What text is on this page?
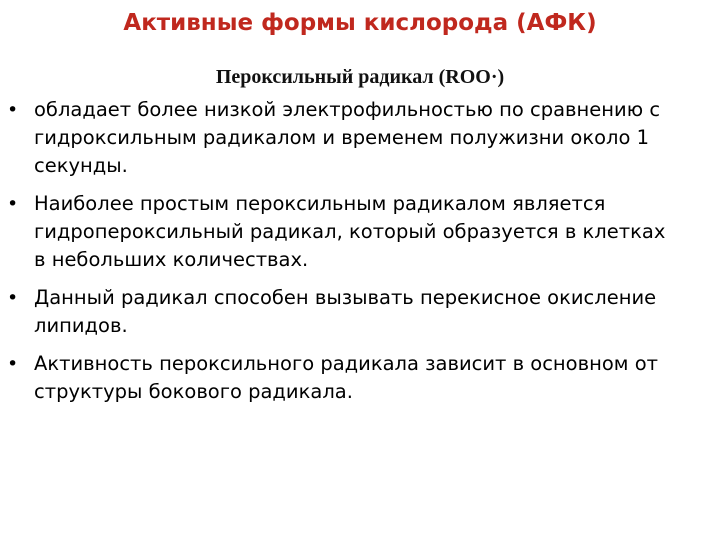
Активные формы кислорода (АФК)
Пероксильный радикал (ROO·)
• обладает более низкой электрофильностью по сравнению с гидроксильным радикалом и временем полужизни около 1 секунды.
• Наиболее простым пероксильным радикалом является гидропероксильный радикал, который образуется в клетках в небольших количествах.
• Данный радикал способен вызывать перекисное окисление липидов.
• Активность пероксильного радикала зависит в основном от структуры бокового радикала.
